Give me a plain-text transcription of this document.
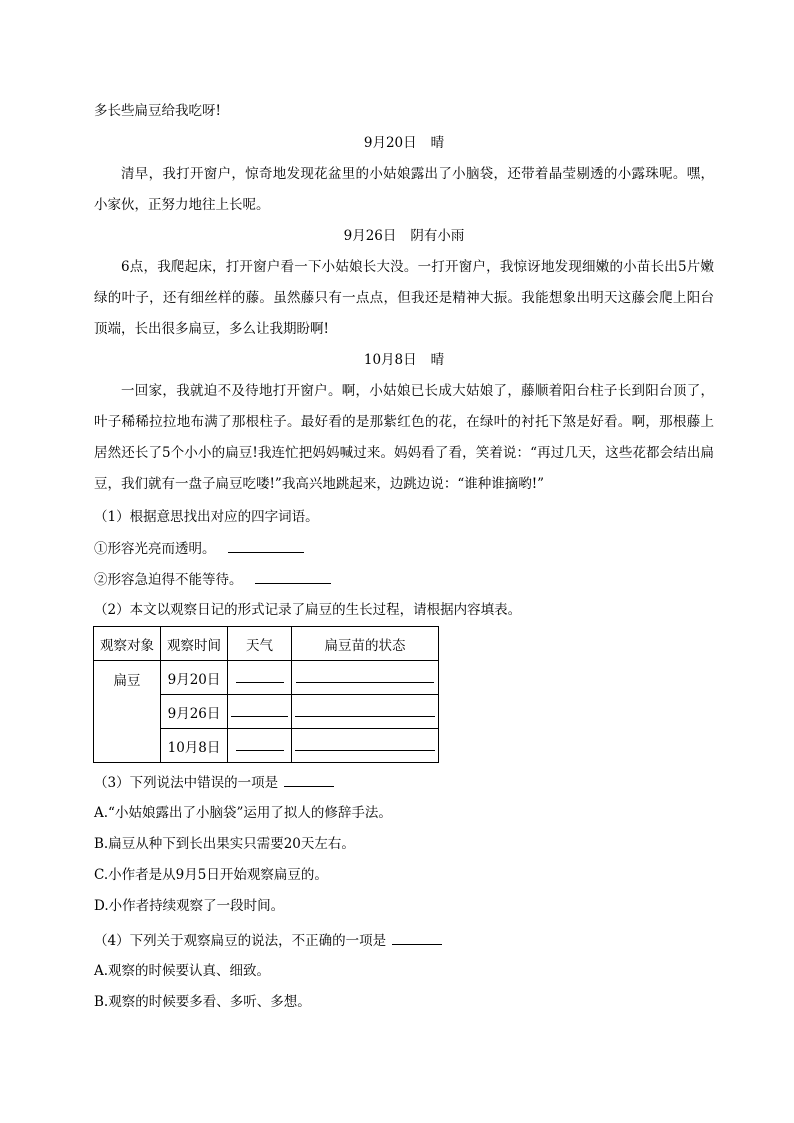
多长些扁豆给我吃呀!
9月20日 晴
清早，我打开窗户，惊奇地发现花盆里的小姑娘露出了小脑袋，还带着晶莹剔透的小露珠呢。嘿，小家伙，正努力地往上长呢。
9月26日 阴有小雨
6点，我爬起床，打开窗户看一下小姑娘长大没。一打开窗户，我惊讶地发现细嫩的小苗长出5片嫩绿的叶子，还有细丝样的藤。虽然藤只有一点点，但我还是精神大振。我能想象出明天这藤会爬上阳台顶端，长出很多扁豆，多么让我期盼啊!
10月8日 晴
一回家，我就迫不及待地打开窗户。啊，小姑娘已长成大姑娘了，藤顺着阳台柱子长到阳台顶了，叶子稀稀拉拉地布满了那根柱子。最好看的是那紫红色的花，在绿叶的衬托下煞是好看。啊，那根藤上居然还长了5个小小的扁豆!我连忙把妈妈喊过来。妈妈看了看，笑着说：“再过几天，这些花都会结出扁豆，我们就有一盘子扁豆吃喽!”我高兴地跳起来，边跳边说：“谁种谁摘哟!”
（1）根据意思找出对应的四字词语。
①形容光亮而透明。
②形容急迫得不能等待。
（2）本文以观察日记的形式记录了扁豆的生长过程，请根据内容填表。
观察对象	观察时间	天气	扁豆苗的状态
扁豆	9月20日		
	9月26日		
	10月8日		
（3）下列说法中错误的一项是
A.“小姑娘露出了小脑袋”运用了拟人的修辞手法。
B.扁豆从种下到长出果实只需要20天左右。
C.小作者是从9月5日开始观察扁豆的。
D.小作者持续观察了一段时间。
（4）下列关于观察扁豆的说法，不正确的一项是
A.观察的时候要认真、细致。
B.观察的时候要多看、多听、多想。
